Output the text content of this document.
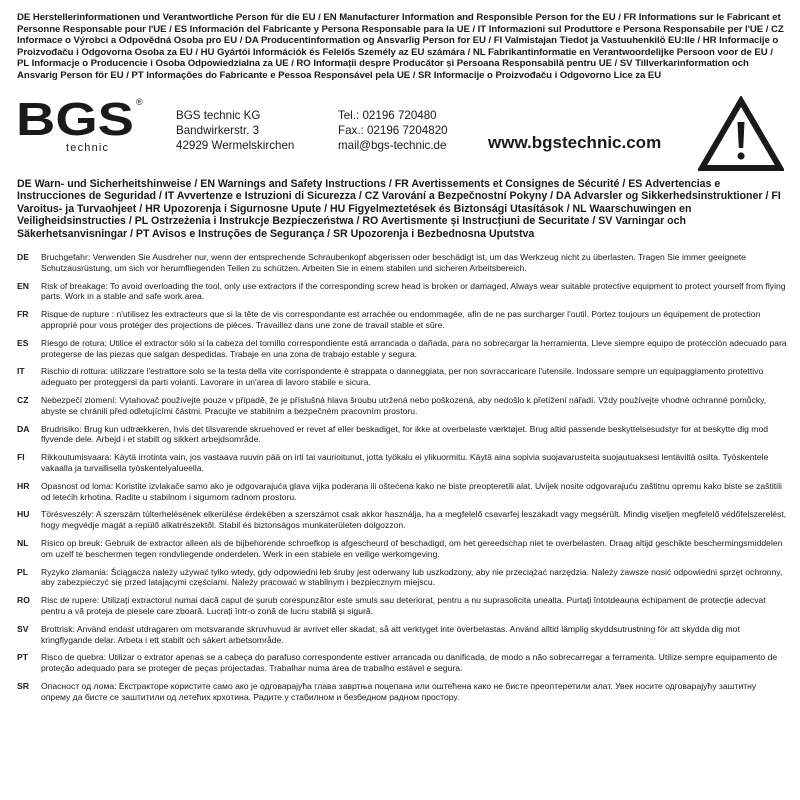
DE Herstellerinformationen und Verantwortliche Person für die EU / EN Manufacturer Information and Responsible Person for the EU / FR Informations sur le Fabricant et Personne Responsable pour l'UE / ES Información del Fabricante y Persona Responsable para la UE / IT Informazioni sul Produttore e Persona Responsabile per l'UE / CZ Informace o Výrobci a Odpovědná Osoba pro EU / DA Producentinformation og Ansvarlig Person for EU / FI Valmistajan Tiedot ja Vastuuhenkilö EU:lle / HR Informacije o Proizvođaču i Odgovorna Osoba za EU / HU Gyártói Információk és Felelős Személy az EU számára / NL Fabrikantinformatie en Verantwoordelijke Persoon voor de EU / PL Informacje o Producencie i Osoba Odpowiedzialna za UE / RO Informații despre Producător și Persoana Responsabilă pentru UE / SV Tillverkarinformation och Ansvarig Person för EU / PT Informações do Fabricante e Pessoa Responsável pela UE / SR Informacije o Proizvođaču i Odgovorno Lice za EU
BGS ®
technic
BGS technic KG
Bandwirkerstr. 3
42929 Wermelskirchen
Tel.: 02196 720480
Fax.: 02196 7204820
mail@bgs-technic.de www.bgstechnic.com
DE Warn- und Sicherheitshinweise / EN Warnings and Safety Instructions / FR Avertissements et Consignes de Sécurité / ES Advertencias e Instrucciones de Seguridad / IT Avvertenze e Istruzioni di Sicurezza / CZ Varování a Bezpečnostní Pokyny / DA Advarsler og Sikkerhedsinstruktioner / FI Varoitus- ja Turvaohjeet / HR Upozorenja i Sigurnosne Upute / HU Figyelmeztetések és Biztonsági Utasítások / NL Waarschuwingen en Veiligheidsinstructies / PL Ostrzeżenia i Instrukcje Bezpieczeństwa / RO Avertismente și Instrucțiuni de Securitate / SV Varningar och Säkerhetsanvisningar / PT Avisos e Instruções de Segurança / SR Upozorenja i Bezbednosna Uputstva
DE	Bruchgefahr: Verwenden Sie Ausdreher nur, wenn der entsprechende Schraubenkopf abgerissen oder beschädigt ist, um das Werkzeug nicht zu überlasten. Tragen Sie immer geeignete Schutzausrüstung, um sich vor herumfliegenden Teilen zu schützen. Arbeiten Sie in einem stabilen und sicheren Arbeitsbereich.
EN	Risk of breakage: To avoid overloading the tool, only use extractors if the corresponding screw head is broken or damaged. Always wear suitable protective equipment to protect yourself from flying parts. Work in a stable and safe work area.
FR	Risque de rupture : n'utilisez les extracteurs que si la tête de vis correspondante est arrachée ou endommagée, afin de ne pas surcharger l'outil. Portez toujours un équipement de protection approprié pour vous protéger des projections de pièces. Travaillez dans une zone de travail stable et sûre.
ES	Riesgo de rotura: Utilice el extractor sólo si la cabeza del tornillo correspondiente está arrancada o dañada, para no sobrecargar la herramienta. Lleve siempre equipo de protección adecuado para protegerse de las piezas que salgan despedidas. Trabaje en una zona de trabajo estable y segura.
IT	Rischio di rottura: utilizzare l'estrattore solo se la testa della vite corrispondente è strappata o danneggiata, per non sovraccaricare l'utensile. Indossare sempre un equipaggiamento protettivo adeguato per proteggersi da parti volanti. Lavorare in un'area di lavoro stabile e sicura.
CZ	Nebezpečí zlomení: Vytahovač používejte pouze v případě, že je příslušná hlava šroubu utržená nebo poškozená, aby nedošlo k přetížení nářadí. Vždy používejte vhodné ochranné pomůcky, abyste se chránili před odletujícími částmi. Pracujte ve stabilním a bezpečném pracovním prostoru.
DA	Brudrisiko: Brug kun udtrækkeren, hvis det tilsvarende skruehoved er revet af eller beskadiget, for ikke at overbelaste værktøjet. Brug altid passende beskyttelsesudstyr for at beskytte dig mod flyvende dele. Arbejd i et stabilt og sikkert arbejdsområde.
FI	Rikkoutumisvaara: Käytä irrotinta vain, jos vastaava ruuvin pää on irti tai vaurioitunut, jotta työkalu ei ylikuormitu. Käytä aina sopivia suojavarusteita suojautuaksesi lentäviltä osilta. Työskentele vakaalla ja turvallisella työskentelyalueella.
HR	Opasnost od loma: Koristite izvlakače samo ako je odgovarajuća glava vijka poderana ili oštećena kako ne biste preopteretili alat. Uvijek nosite odgovarajuću zaštitnu opremu kako biste se zaštitili od letećih krhotina. Radite u stabilnom i sigurnom radnom prostoru.
HU	Törésveszély: A szerszám túlterhelésének elkerülése érdekében a szerszámot csak akkor használja, ha a megfelelő csavarfej leszakadt vagy megsérült. Mindig viseljen megfelelő védőfelszerelést, hogy megvédje magát a repülő alkatrészektől. Stabil és biztonságos munkaterületen dolgozzon.
NL	Risico op breuk: Gebruik de extractor alleen als de bijbehorende schroefkop is afgescheurd of beschadigd, om het gereedschap niet te overbelasten. Draag altijd geschikte beschermingsmiddelen om uzelf te beschermen tegen rondvliegende onderdelen. Werk in een stabiele en veilige werkomgeving.
PL	Ryzyko złamania: Ściągacza należy używać tylko wtedy, gdy odpowiedni łeb śruby jest oderwany lub uszkodzony, aby nie przeciążać narzędzia. Należy zawsze nosić odpowiedni sprzęt ochronny, aby zabezpieczyć się przed latającymi częściami. Należy pracować w stabilnym i bezpiecznym miejscu.
RO	Risc de rupere: Utilizați extractorul numai dacă capul de șurub corespunzător este smuls sau deteriorat, pentru a nu suprasolicita unealta. Purtați întotdeauna echipament de protecție adecvat pentru a vă proteja de piesele care zboară. Lucrați într-o zonă de lucru stabilă și sigură.
SV	Brottrisk: Använd endast utdragaren om motsvarande skruvhuvud är avrivet eller skadat, så att verktyget inte överbelastas. Använd alltid lämplig skyddsutrustning för att skydda dig mot kringflygande delar. Arbeta i ett stabilt och säkert arbetsområde.
PT	Risco de quebra: Utilizar o extrator apenas se a cabeça do parafuso correspondente estiver arrancada ou danificada, de modo a não sobrecarregar a ferramenta. Utilize sempre equipamento de proteção adequado para se proteger de peças projectadas. Trabalhar numa área de trabalho estável e segura.
SR	Опасност од лома: Екстракторе користите само ако је одговарајућа глава завртња поцепана или оштећена како не бисте преоптеретили алат. Увек носите одговарајућу заштитну опрему да бисте се заштитили од летећих крхотина. Радите у стабилном и безбедном радном простору.
